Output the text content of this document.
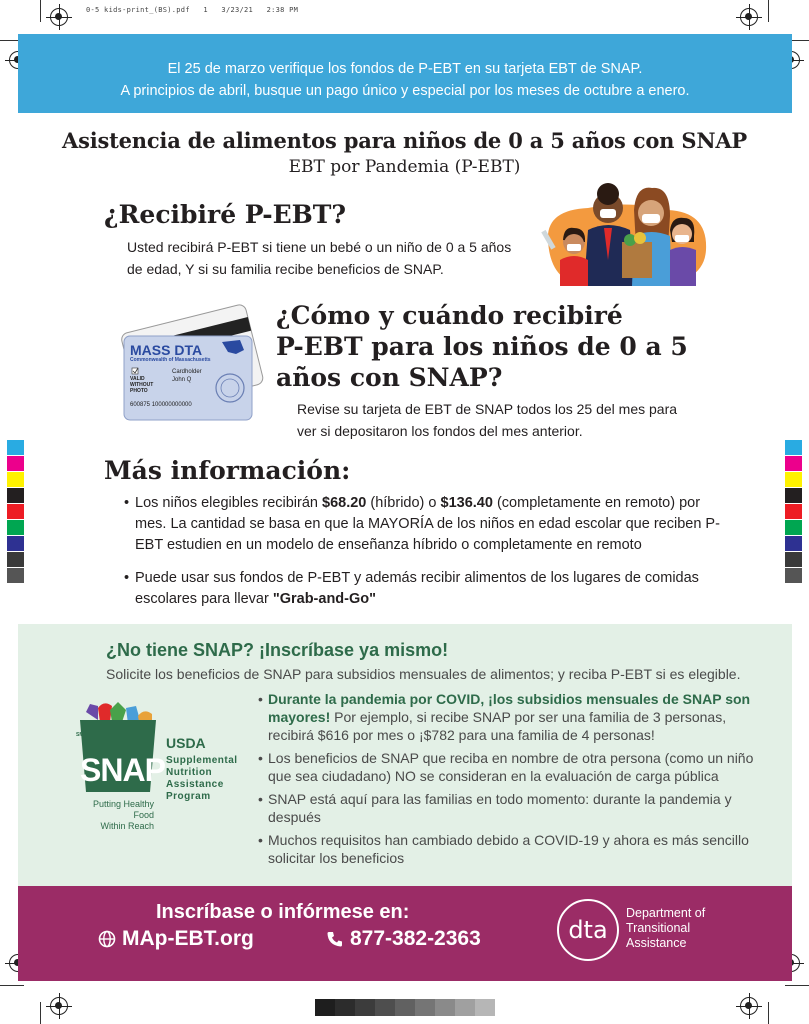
0-5 kids-print_(BS).pdf   1   3/23/21   2:38 PM
El 25 de marzo verifique los fondos de P-EBT en su tarjeta EBT de SNAP.
A principios de abril, busque un pago único y especial por los meses de octubre a enero.
Asistencia de alimentos para niños de 0 a 5 años con SNAP
EBT por Pandemia (P-EBT)
¿Recibiré P-EBT?
Usted recibirá P-EBT si tiene un bebé o un niño de 0 a 5 años
de edad, Y si su familia recibe beneficios de SNAP.
¿Cómo y cuándo recibiré
P-EBT para los niños de 0 a 5
años con SNAP?
Revise su tarjeta de EBT de SNAP todos los 25 del mes para
ver si depositaron los fondos del mes anterior.
MASS DTA
Commonwealth of Massachusetts
VALID
WITHOUT
PHOTO
Cardholder
John Q
600875 100000000000
Más información:
• Los niños elegibles recibirán $68.20 (híbrido) o $136.40 (completamente en remoto) por mes. La cantidad se basa en que la MAYORÍA de los niños en edad escolar que reciben P-EBT estudien en un modelo de enseñanza híbrido o completamente en remoto
• Puede usar sus fondos de P-EBT y además recibir alimentos de los lugares de comidas escolares para llevar "Grab-and-Go"
¿No tiene SNAP? ¡Inscríbase ya mismo!
Solicite los beneficios de SNAP para subsidios mensuales de alimentos; y reciba P-EBT si es elegible.
SM
SNAP
USDA
Supplemental
Nutrition
Assistance
Program
Putting Healthy Food
Within Reach
• Durante la pandemia por COVID, ¡los subsidios mensuales de SNAP son mayores! Por ejemplo, si recibe SNAP por ser una familia de 3 personas, recibirá $616 por mes o ¡$782 para una familia de 4 personas!
• Los beneficios de SNAP que reciba en nombre de otra persona (como un niño que sea ciudadano) NO se consideran en la evaluación de carga pública
• SNAP está aquí para las familias en todo momento: durante la pandemia y después
• Muchos requisitos han cambiado debido a COVID-19 y ahora es más sencillo solicitar los beneficios
Inscríbase o infórmese en:
MAp-EBT.org	877-382-2363	dta
Department of
Transitional
Assistance
